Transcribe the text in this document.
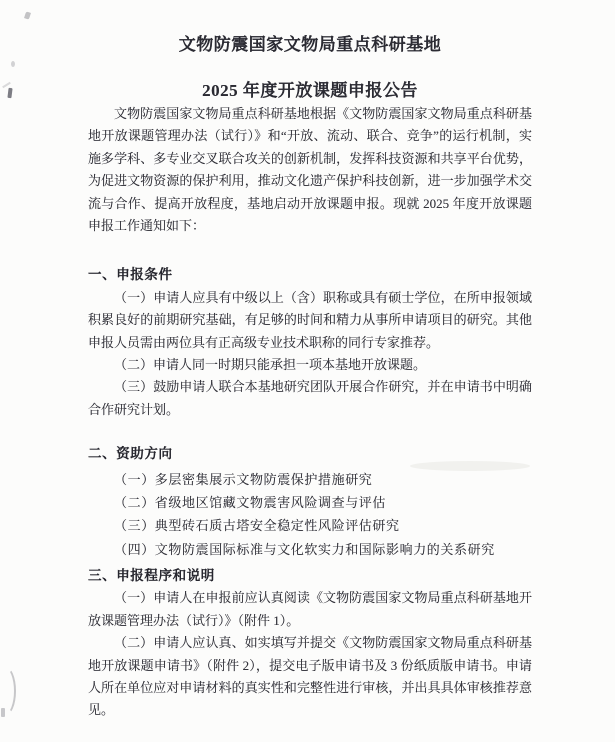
文物防震国家文物局重点科研基地
2025 年度开放课题申报公告

文物防震国家文物局重点科研基地根据《文物防震国家文物局重点科研基地开放课题管理办法（试行）》和“开放、流动、联合、竞争”的运行机制，实施多学科、多专业交叉联合攻关的创新机制，发挥科技资源和共享平台优势，为促进文物资源的保护利用，推动文化遗产保护科技创新，进一步加强学术交流与合作、提高开放程度，基地启动开放课题申报。现就 2025 年度开放课题申报工作通知如下：

一、申报条件

（一）申请人应具有中级以上（含）职称或具有硕士学位，在所申报领域积累良好的前期研究基础，有足够的时间和精力从事所申请项目的研究。其他申报人员需由两位具有正高级专业技术职称的同行专家推荐。

（二）申请人同一时期只能承担一项本基地开放课题。

（三）鼓励申请人联合本基地研究团队开展合作研究，并在申请书中明确合作研究计划。

二、资助方向
（一）多层密集展示文物防震保护措施研究
（二）省级地区馆藏文物震害风险调查与评估
（三）典型砖石质古塔安全稳定性风险评估研究
（四）文物防震国际标准与文化软实力和国际影响力的关系研究
三、申报程序和说明

（一）申请人在申报前应认真阅读《文物防震国家文物局重点科研基地开放课题管理办法（试行）》（附件 1）。

（二）申请人应认真、如实填写并提交《文物防震国家文物局重点科研基地开放课题申请书》（附件 2），提交电子版申请书及 3 份纸质版申请书。申请人所在单位应对申请材料的真实性和完整性进行审核，并出具具体审核推荐意见。
